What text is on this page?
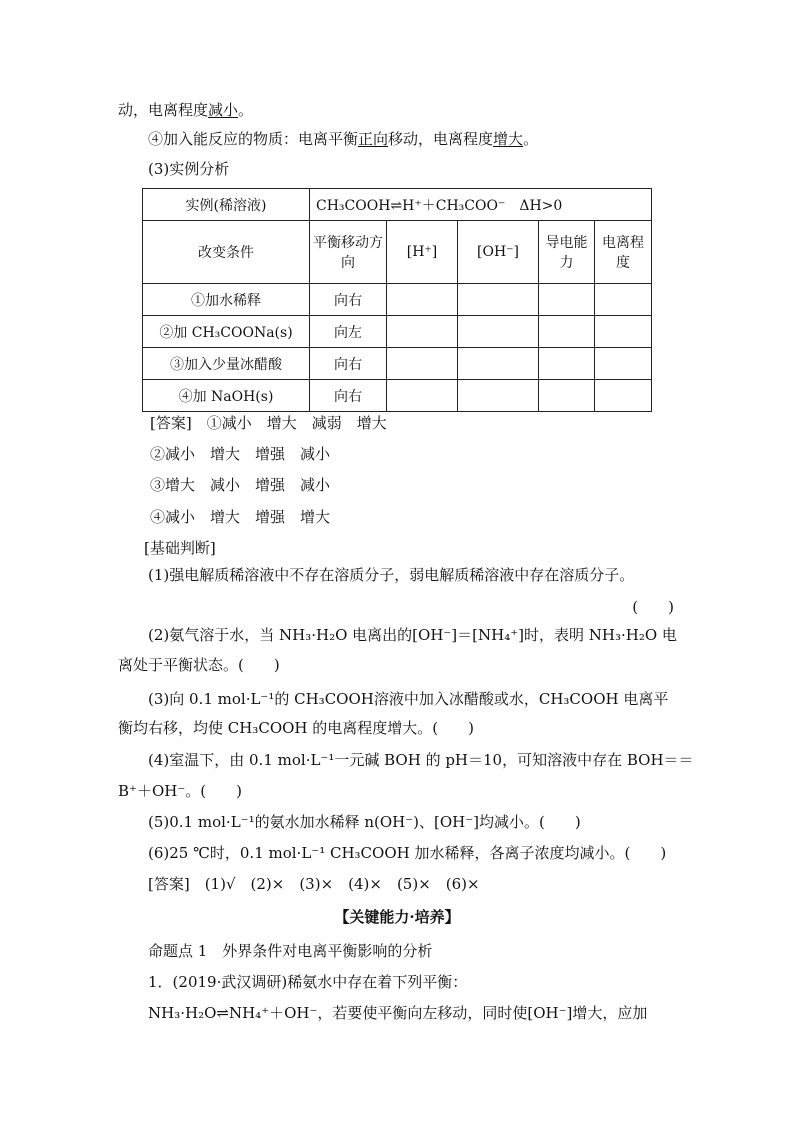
动，电离程度减小。
④加入能反应的物质：电离平衡正向移动，电离程度增大。
(3)实例分析
实例(稀溶液)	CH₃COOH⇌H⁺＋CH₃COO⁻　ΔH>0				
改变条件	平衡移动方向	[H⁺]	[OH⁻]	导电能力	电离程度
①加水稀释	向右				
②加 CH₃COONa(s)	向左				
③加入少量冰醋酸	向右				
④加 NaOH(s)	向右				
[答案]　①减小　增大　减弱　增大
②减小　增大　增强　减小
③增大　减小　增强　减小
④减小　增大　增强　增大
[基础判断]
(1)强电解质稀溶液中不存在溶质分子，弱电解质稀溶液中存在溶质分子。
(　　)
(2)氨气溶于水，当 NH₃·H₂O 电离出的[OH⁻]＝[NH₄⁺]时，表明 NH₃·H₂O 电
离处于平衡状态。(　　)
(3)向 0.1 mol·L⁻¹的 CH₃COOH溶液中加入冰醋酸或水，CH₃COOH 电离平
衡均右移，均使 CH₃COOH 的电离程度增大。(　　)
(4)室温下，由 0.1 mol·L⁻¹一元碱 BOH 的 pH＝10，可知溶液中存在 BOH＝＝
B⁺＋OH⁻。(　　)
(5)0.1 mol·L⁻¹的氨水加水稀释 n(OH⁻)、[OH⁻]均减小。(　　)
(6)25 ℃时，0.1 mol·L⁻¹ CH₃COOH 加水稀释，各离子浓度均减小。(　　)
[答案]　(1)√　(2)×　(3)×　(4)×　(5)×　(6)×
【关键能力·培养】
命题点 1　外界条件对电离平衡影响的分析
1．(2019·武汉调研)稀氨水中存在着下列平衡：
NH₃·H₂O⇌NH₄⁺＋OH⁻，若要使平衡向左移动，同时使[OH⁻]增大，应加
